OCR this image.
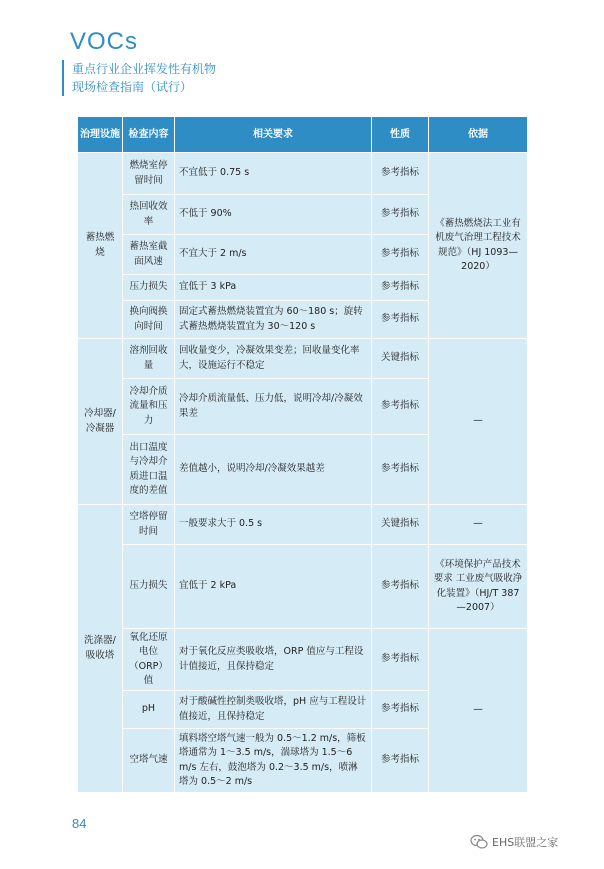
VOCs
重点行业企业挥发性有机物
现场检查指南（试行）
治理设施	检查内容	相关要求	性质	依据
蓄热燃烧	燃烧室停留时间	不宜低于 0.75 s	参考指标	《蓄热燃烧法工业有机废气治理工程技术规范》（HJ 1093—2020）
	热回收效率	不低于 90%	参考指标	
	蓄热室截面风速	不宜大于 2 m/s	参考指标	
	压力损失	宜低于 3 kPa	参考指标	
	换向阀换向时间	固定式蓄热燃烧装置宜为 60～180 s；旋转式蓄热燃烧装置宜为 30～120 s	参考指标	
冷却器/冷凝器	溶剂回收量	回收量变少，冷凝效果变差；回收量变化率大，设施运行不稳定	关键指标	—
	冷却介质流量和压力	冷却介质流量低、压力低，说明冷却/冷凝效果差	参考指标	
	出口温度与冷却介质进口温度的差值	差值越小，说明冷却/冷凝效果越差	参考指标	
洗涤器/吸收塔	空塔停留时间	一般要求大于 0.5 s	关键指标	—
	压力损失	宜低于 2 kPa	参考指标	《环境保护产品技术要求 工业废气吸收净化装置》（HJ/T 387—2007）
	氧化还原电位（ORP）值	对于氧化反应类吸收塔，ORP 值应与工程设计值接近，且保持稳定	参考指标	—
	pH	对于酸碱性控制类吸收塔，pH 应与工程设计值接近，且保持稳定	参考指标	
	空塔气速	填料塔空塔气速一般为 0.5～1.2 m/s，筛板塔通常为 1～3.5 m/s，湍球塔为 1.5～6 m/s 左右，鼓泡塔为 0.2～3.5 m/s，喷淋塔为 0.5～2 m/s	参考指标	
84
EHS联盟之家
